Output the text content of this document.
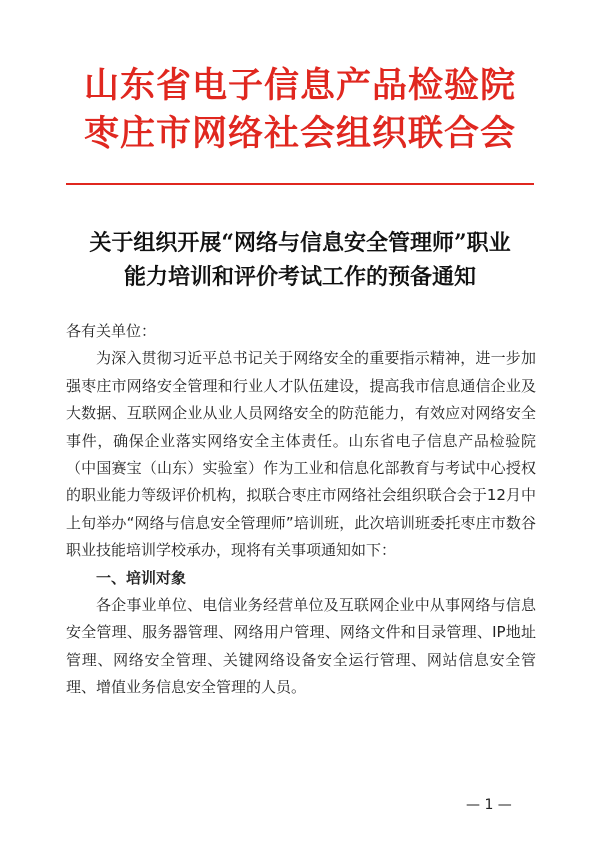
山东省电子信息产品检验院
枣庄市网络社会组织联合会
关于组织开展“网络与信息安全管理师”职业
能力培训和评价考试工作的预备通知
各有关单位：

为深入贯彻习近平总书记关于网络安全的重要指示精神，进一步加强枣庄市网络安全管理和行业人才队伍建设，提高我市信息通信企业及大数据、互联网企业从业人员网络安全的防范能力，有效应对网络安全事件，确保企业落实网络安全主体责任。山东省电子信息产品检验院（中国赛宝（山东）实验室）作为工业和信息化部教育与考试中心授权的职业能力等级评价机构，拟联合枣庄市网络社会组织联合会于12月中上旬举办“网络与信息安全管理师”培训班，此次培训班委托枣庄市数谷职业技能培训学校承办，现将有关事项通知如下：

一、培训对象

各企事业单位、电信业务经营单位及互联网企业中从事网络与信息安全管理、服务器管理、网络用户管理、网络文件和目录管理、IP地址管理、网络安全管理、关键网络设备安全运行管理、网站信息安全管理、增值业务信息安全管理的人员。

— 1 —
